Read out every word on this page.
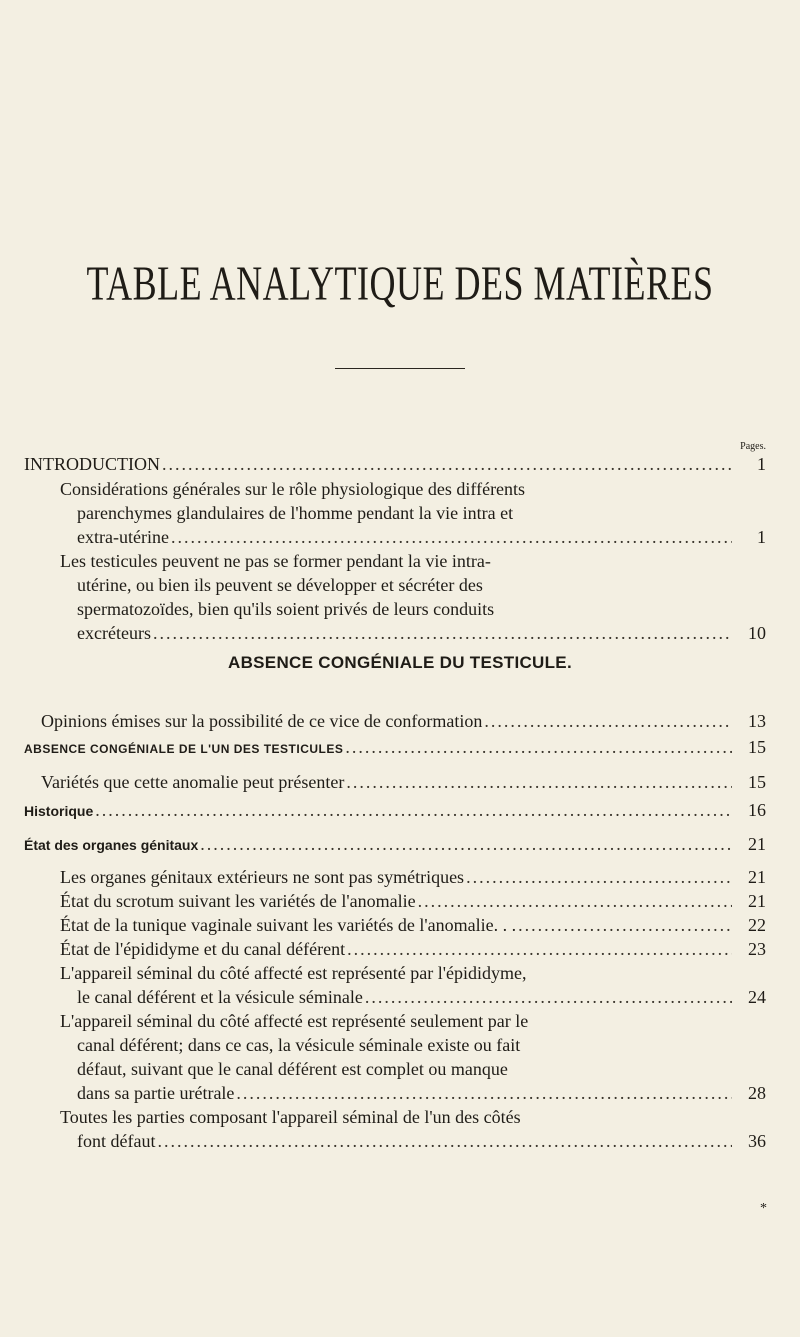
TABLE ANALYTIQUE DES MATIÈRES
Pages.
INTRODUCTION .....	1
Considérations générales sur le rôle physiologique des différents
parenchymes glandulaires de l'homme pendant la vie intra et
extra-utérine .....	1
Les testicules peuvent ne pas se former pendant la vie intra-
utérine, ou bien ils peuvent se développer et sécréter des
spermatozoïdes, bien qu'ils soient privés de leurs conduits
excréteurs .....	10
ABSENCE CONGÉNIALE DU TESTICULE.
Opinions émises sur la possibilité de ce vice de conformation .....	13
ABSENCE CONGÉNIALE DE L'UN DES TESTICULES .....	15
Variétés que cette anomalie peut présenter .....	15
Historique .....	16
État des organes génitaux .....	21
Les organes génitaux extérieurs ne sont pas symétriques .....	21
État du scrotum suivant les variétés de l'anomalie .....	21
État de la tunique vaginale suivant les variétés de l'anomalie. . . .....	22
État de l'épididyme et du canal déférent .....	23
L'appareil séminal du côté affecté est représenté par l'épididyme,
le canal déférent et la vésicule séminale .....	24
L'appareil séminal du côté affecté est représenté seulement par le
canal déférent; dans ce cas, la vésicule séminale existe ou fait
défaut, suivant que le canal déférent est complet ou manque
dans sa partie urétrale .....	28
Toutes les parties composant l'appareil séminal de l'un des côtés
font défaut .....	36
*
